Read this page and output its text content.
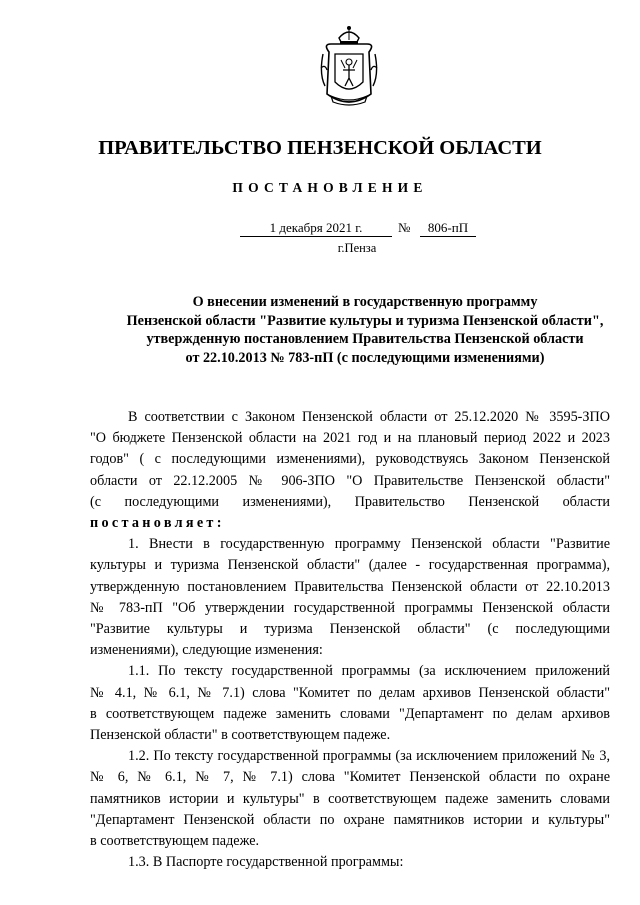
ПРАВИТЕЛЬСТВО ПЕНЗЕНСКОЙ ОБЛАСТИ
ПОСТАНОВЛЕНИЕ
1 декабря 2021 г.	№	806-пП
г.Пенза
О внесении изменений в государственную программу
Пензенской области "Развитие культуры и туризма Пензенской области",
утвержденную постановлением Правительства Пензенской области
от 22.10.2013 № 783-пП (с последующими изменениями)

В соответствии с Законом Пензенской области от 25.12.2020 № 3595-ЗПО
"О бюджете Пензенской области на 2021 год и на плановый период 2022 и 2023
годов" ( с последующими изменениями), руководствуясь Законом Пензенской
области от 22.12.2005 № 906-ЗПО "О Правительстве Пензенской области"
(с последующими изменениями), Правительство Пензенской области
постановляет:

1. Внести в государственную программу Пензенской области "Развитие
культуры и туризма Пензенской области" (далее - государственная программа),
утвержденную постановлением Правительства Пензенской области от 22.10.2013
№ 783-пП "Об утверждении государственной программы Пензенской области
"Развитие культуры и туризма Пензенской области" (с последующими
изменениями), следующие изменения:

1.1. По тексту государственной программы (за исключением приложений
№ 4.1, № 6.1, № 7.1) слова "Комитет по делам архивов Пензенской области"
в соответствующем падеже заменить словами "Департамент по делам архивов
Пензенской области" в соответствующем падеже.

1.2. По тексту государственной программы (за исключением приложений № 3,
№ 6, № 6.1, № 7, № 7.1) слова "Комитет Пензенской области по охране
памятников истории и культуры" в соответствующем падеже заменить словами
"Департамент Пензенской области по охране памятников истории и культуры"
в соответствующем падеже.

1.3. В Паспорте государственной программы:
